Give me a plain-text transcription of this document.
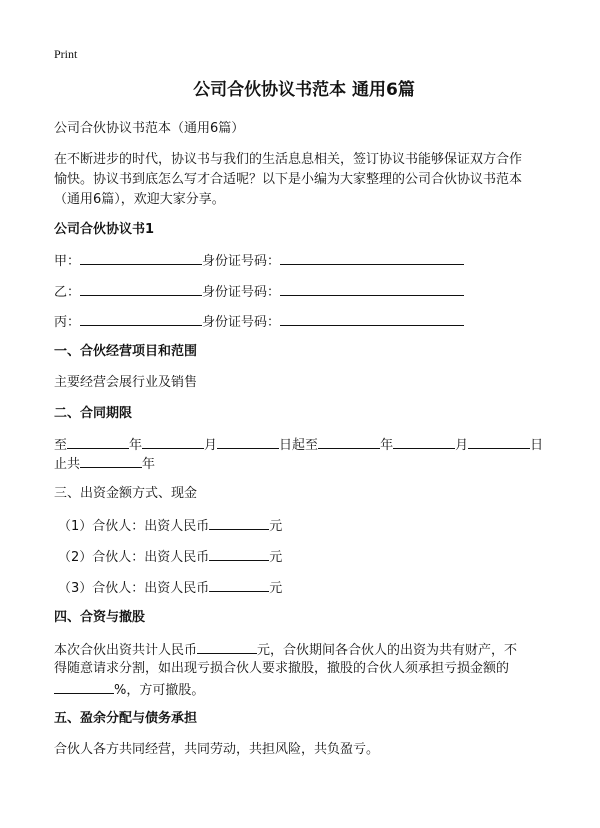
Print
公司合伙协议书范本 通用6篇
公司合伙协议书范本（通用6篇）
在不断进步的时代，协议书与我们的生活息息相关，签订协议书能够保证双方合作
愉快。协议书到底怎么写才合适呢？以下是小编为大家整理的公司合伙协议书范本
（通用6篇），欢迎大家分享。
公司合伙协议书1
甲：	身份证号码：
乙：	身份证号码：
丙：	身份证号码：
一、合伙经营项目和范围
主要经营会展行业及销售
二、合同期限
至	年	月	日起至	年	月	日
止共	年
三、出资金额方式、现金
（1）合伙人：出资人民币	元
（2）合伙人：出资人民币	元
（3）合伙人：出资人民币	元
四、合资与撤股
本次合伙出资共计人民币	元，合伙期间各合伙人的出资为共有财产，不
得随意请求分割，如出现亏损合伙人要求撤股，撤股的合伙人须承担亏损金额的
%，方可撤股。
五、盈余分配与债务承担
合伙人各方共同经营，共同劳动，共担风险，共负盈亏。
